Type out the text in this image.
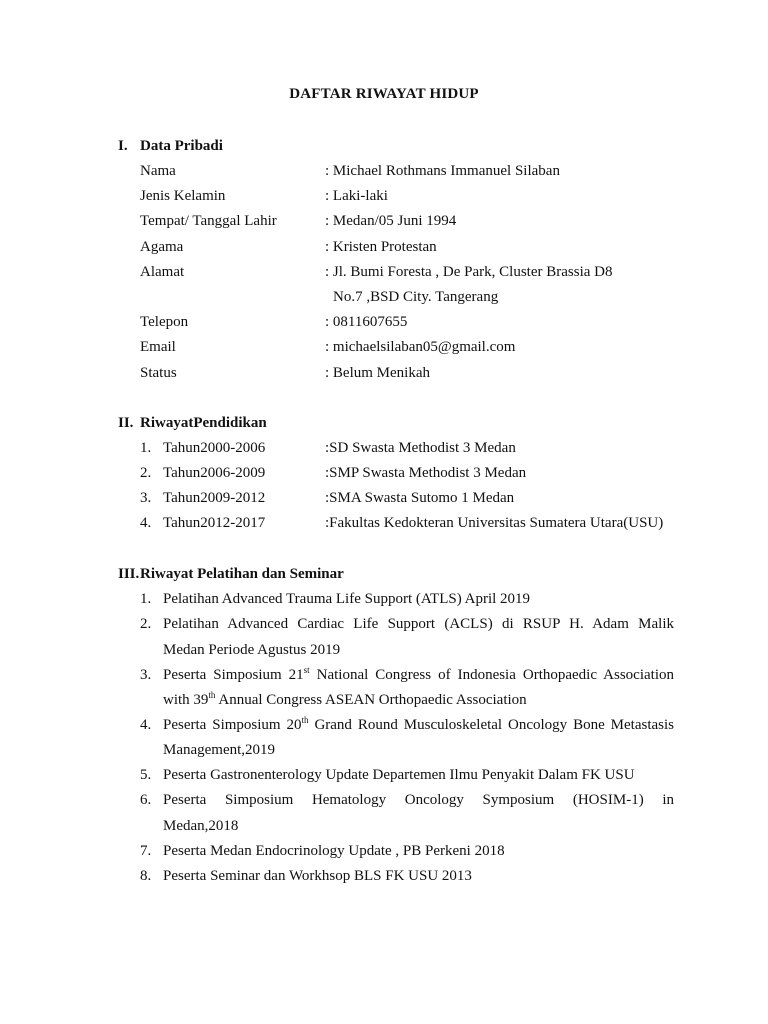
DAFTAR RIWAYAT HIDUP
I. Data Pribadi
Nama	: Michael Rothmans Immanuel Silaban
Jenis Kelamin	: Laki-laki
Tempat/ Tanggal Lahir	: Medan/05 Juni 1994
Agama	: Kristen Protestan
Alamat	: Jl. Bumi Foresta , De Park, Cluster Brassia D8
No.7 ,BSD City. Tangerang
Telepon	: 0811607655
Email	: michaelsilaban05@gmail.com
Status	: Belum Menikah
II. RiwayatPendidikan
1. Tahun2000-2006	:SD Swasta Methodist 3 Medan
2. Tahun2006-2009	:SMP Swasta Methodist 3 Medan
3. Tahun2009-2012	:SMA Swasta Sutomo 1 Medan
4. Tahun2012-2017	:Fakultas Kedokteran Universitas Sumatera Utara(USU)
III. Riwayat Pelatihan dan Seminar
1. Pelatihan Advanced Trauma Life Support (ATLS) April 2019
2. Pelatihan Advanced Cardiac Life Support (ACLS) di RSUP H. Adam Malik
Medan Periode Agustus 2019
3. Peserta Simposium 21st National Congress of Indonesia Orthopaedic Association
with 39th Annual Congress ASEAN Orthopaedic Association
4. Peserta Simposium 20th Grand Round Musculoskeletal Oncology Bone Metastasis
Management,2019
5. Peserta Gastronenterology Update Departemen Ilmu Penyakit Dalam FK USU
6. Peserta Simposium Hematology Oncology Symposium (HOSIM-1) in
Medan,2018
7. Peserta Medan Endocrinology Update , PB Perkeni 2018
8. Peserta Seminar dan Workhsop BLS FK USU 2013
